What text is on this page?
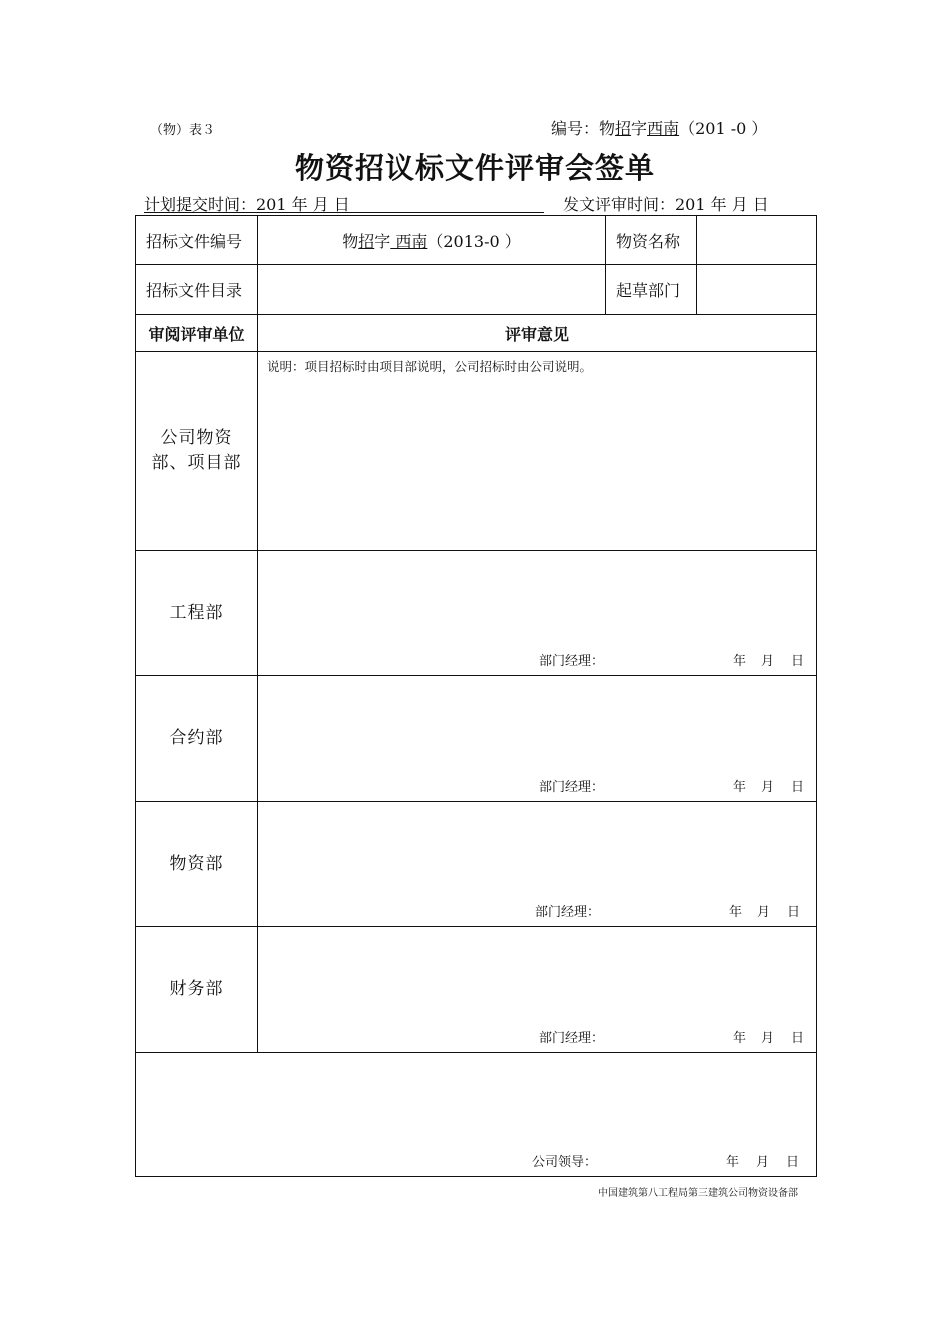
（物）表３	编号：物招字西南（201 -0 ）
物资招议标文件评审会签单
计划提交时间：201 年 月 日	发文评审时间：201 年 月 日
招标文件编号	物招字 西南（2013-0 ）	物资名称	
招标文件目录		起草部门	
审阅评审单位	评审意见		

公司物资部、项目部	说明：项目招标时由项目部说明，公司招标时由公司说明。		

工程部	部门经理： 年 月 日		

合约部	部门经理： 年 月 日		

物资部	部门经理： 年 月 日		

财务部	部门经理： 年 月 日		

公司领导： 年 月 日			
中国建筑第八工程局第三建筑公司物资设备部
